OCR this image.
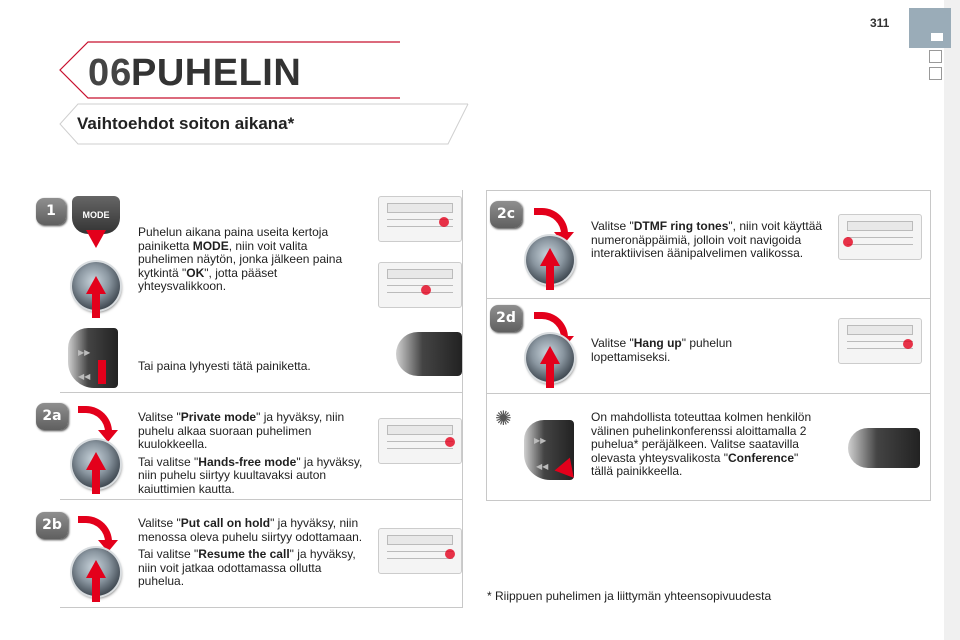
311
06
PUHELIN
Vaihtoehdot soiton aikana*
1	MODE

Puhelun aikana paina useita kertoja painiketta MODE, niin voit valita puhelimen näytön, jonka jälkeen paina kytkintä "OK", jotta pääset yhteysvalikkoon.

▶▶
◀◀
Tai paina lyhyesti tätä painiketta.
2a	Valitse "Private mode" ja hyväksy, niin puhelu alkaa suoraan puhelimen kuulokkeella.

Tai valitse "Hands-free mode" ja hyväksy, niin puhelu siirtyy kuultavaksi auton kaiuttimien kautta.

2b	Valitse "Put call on hold" ja hyväksy, niin menossa oleva puhelu siirtyy odottamaan.

Tai valitse "Resume the call" ja hyväksy, niin voit jatkaa odottamassa ollutta puhelua.

2c

Valitse "DTMF ring tones", niin voit käyttää numeronäppäimiä, jolloin voit navigoida interaktiivisen äänipalvelimen valikossa.

2d

Valitse "Hang up" puhelun lopettamiseksi.

✺
▶▶
◀◀

On mahdollista toteuttaa kolmen henkilön välinen puhelinkonferenssi aloittamalla 2 puhelua* peräjälkeen. Valitse saatavilla olevasta yhteysvalikosta "Conference" tällä painikkeella.

* Riippuen puhelimen ja liittymän yhteensopivuudesta
